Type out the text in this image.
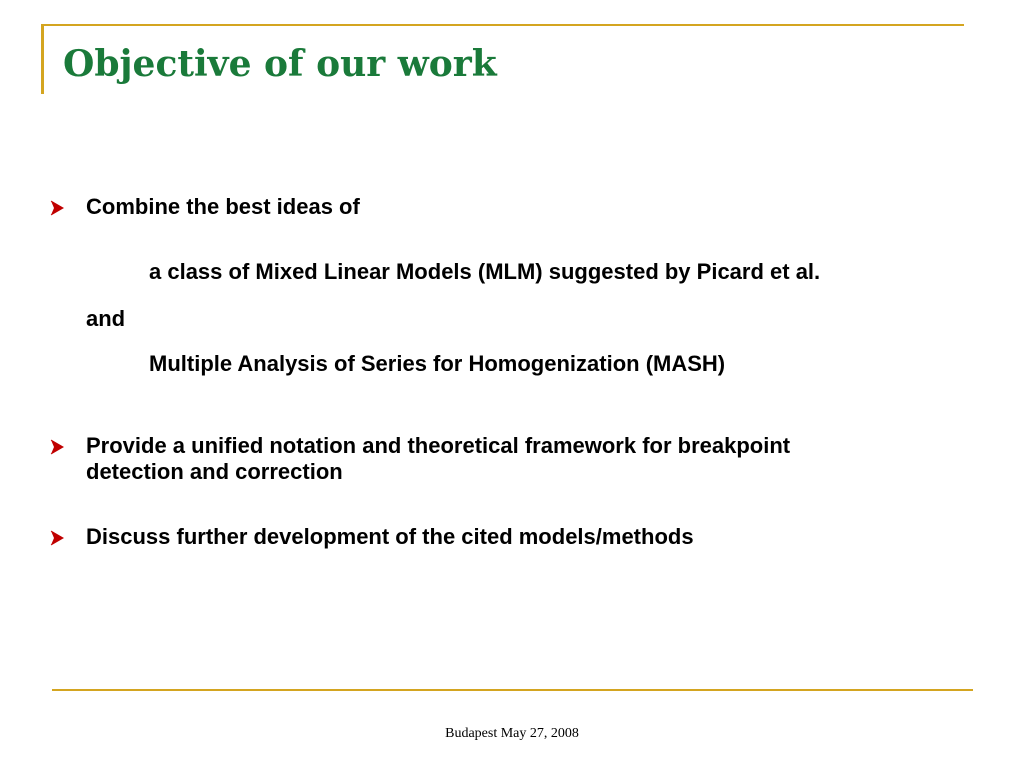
Objective of our work
Combine the best ideas of
a class of Mixed Linear Models (MLM) suggested by Picard et al.
and
Multiple Analysis of Series for Homogenization (MASH)
Provide a unified notation and theoretical framework for breakpoint
detection and correction
Discuss further development of the cited models/methods
Budapest May 27, 2008
